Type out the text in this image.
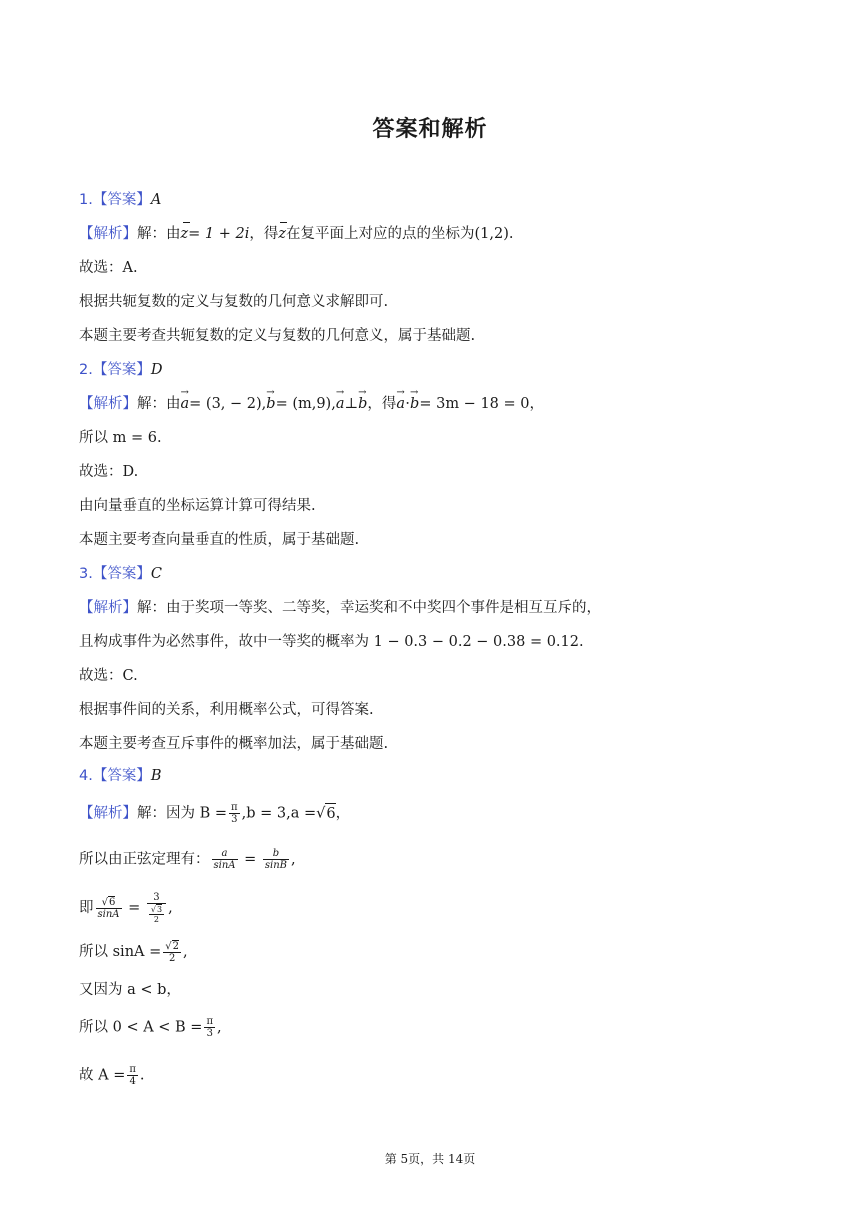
答案和解析
1.【答案】A
【解析】解：由z= 1 + 2i，得z在复平面上对应的点的坐标为(1,2).
故选：A.
根据共轭复数的定义与复数的几何意义求解即可.
本题主要考查共轭复数的定义与复数的几何意义，属于基础题.
2.【答案】D
【解析】解：由→ a= (3, − 2),→ b= (m,9),→ a⊥→ b，得→ a⋅→ b= 3m − 18 = 0，
所以 m = 6.
故选：D.
由向量垂直的坐标运算计算可得结果.
本题主要考查向量垂直的性质，属于基础题.
3.【答案】C
【解析】解：由于奖项一等奖、二等奖，幸运奖和不中奖四个事件是相互互斥的，
且构成事件为必然事件，故中一等奖的概率为 1 − 0.3 − 0.2 − 0.38 = 0.12.
故选：C.
根据事件间的关系，利用概率公式，可得答案.
本题主要考查互斥事件的概率加法，属于基础题.
4.【答案】B
【解析】解：因为 $B = \frac{\pi}{3} ,b = 3,a =√6$，
所以由正弦定理有： $\frac{a}{\sin A} = \frac{b}{\sin B}$ ,
即 $\frac{√6}{\sin A} = \frac{3}{\frac{√3}{2}}$ ,
所以 $\sin A = \frac{√2}{2}$ ,
又因为 a < b，
所以 $0 < A < B = \frac{\pi}{3}$ ,
故 $A = \frac{\pi}{4}$ .
第 5页，共 14页
